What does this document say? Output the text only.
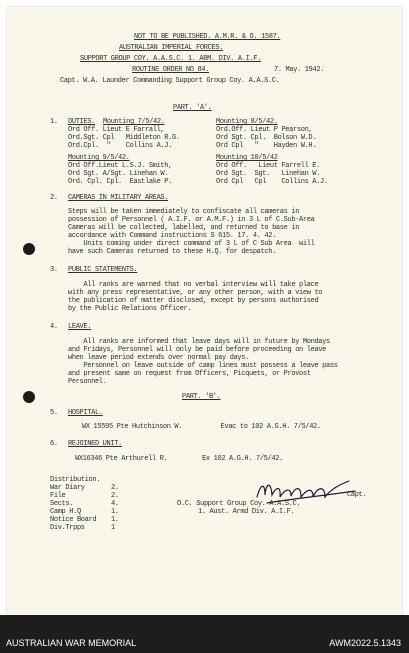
NOT TO BE PUBLISHED. A.M.R. & O. 1587.
AUSTRALIAN IMPERIAL FORCES.
SUPPORT GROUP COY. A.A.S.C. 1. ARM. DIV. A.I.F.
ROUTINE ORDER NO 84.	7. May. 1942.
Capt. W.A. Launder Commanding Support Group Coy. A.A.S.C.
PART. 'A'.
1. DUTIES. Mounting 7/5/42.
Ord Off. Lieut E Farrall,
Ord.Sgt. Cpl   Middleton R.G.
Ord.Cpl.  "    Collins A.J.
Mounting 9/5/42.
Ord Off.Lieut L.S.J. Smith,
Ord Sgt. A/Sgt. Linehan W.
Ord. Cpl. Cpl.  Eastlake P.
Mounting 8/5/42.
Ord.Off. Lieut P Pearson,
Ord Sgt. Cpl.  Bolson W.D.
Ord Cpl   "    Hayden W.H.
Mounting 10/5/42
Ord Off.   Lieut Farrell E.
Ord Sgt.  Sgt.   Linehan W.
Ord Cpl   Cpl    Collins A.J.
2. CAMERAS IN MILITARY AREAS.
Steps will be taken immediately to confiscate all cameras in
possession of Personnel ( A.I.F. or A.M.F.) in 3 L of C.Sub-Area
Cameras will be collected, labelled, and returned to base in
accordance with Command instructions S 615. 17. 4. 42.
Units coming under direct command of 3 L of C Sub Area  will
have such Cameras returned to these H.Q. for despatch.
3. PUBLIC STATEMENTS.
All ranks are warned that no verbal interview will take place
with any press representative, or any other person, with a view to
the publication of matter disclosed, except by persons authorised
by the Public Relations Officer.
4. LEAVE.
All ranks are informed that leave days will in future by Mondays
and Fridays, Personnel will only be paid before proceeding on leave
when leave period extends over normal pay days.
Personnel on leave outside of camp lines must possess a leave pass
and present same on request from Officers, Picquets, or Provost
Personnel.
PART. 'B'.
5. HOSPITAL.
WX 15595 Pte Hutchinson W.          Evac to 102 A.G.H. 7/5/42.
6. REJOINED UNIT.
WX16346 Pte Arthurell R.         Ex 102 A.G.H. 7/5/42.
Distribution.
War Diary	2.
File	2.
Sects.	4.
Camp H.Q	1.
Notice Board 1.
Div.Trpps	1
Capt.
O.C. Support Group Coy. A.A.S.C.
1. Aust. Armd Div. A.I.F.
AUSTRALIAN WAR MEMORIAL	AWM2022.5.1343
